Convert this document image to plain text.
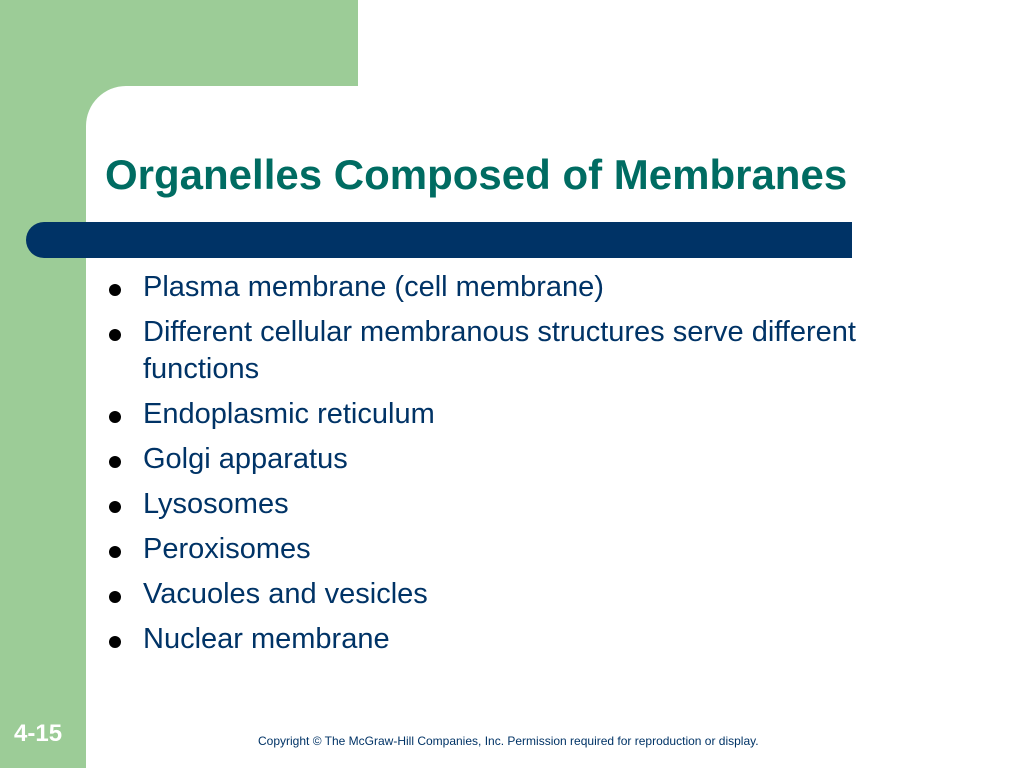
Organelles Composed of Membranes
Plasma membrane (cell membrane)
Different cellular membranous structures serve different functions
Endoplasmic reticulum
Golgi apparatus
Lysosomes
Peroxisomes
Vacuoles and vesicles
Nuclear membrane
4-15	Copyright © The McGraw-Hill Companies, Inc. Permission required for reproduction or display.
